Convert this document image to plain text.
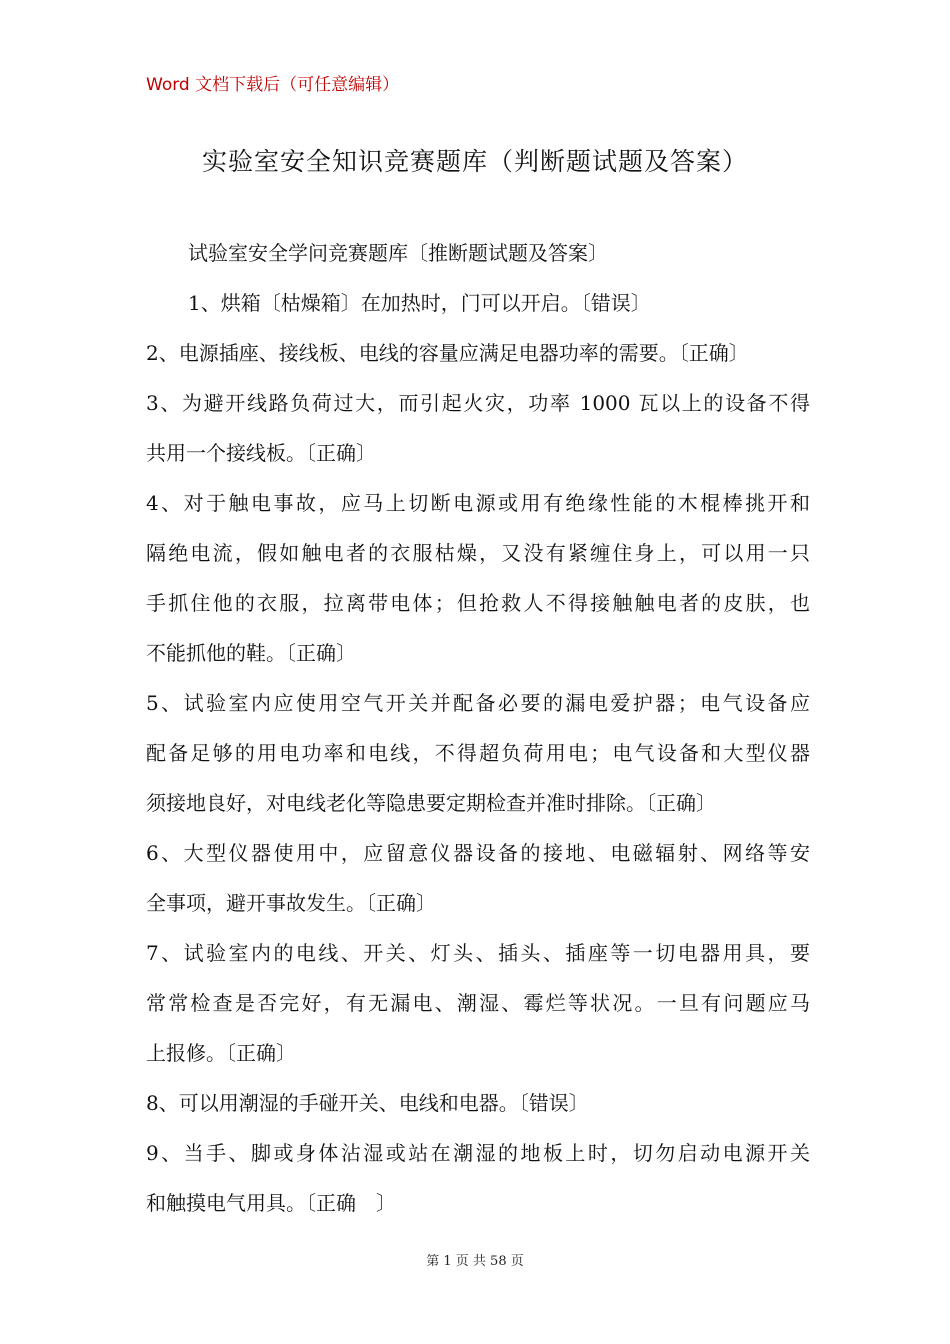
Word 文档下载后（可任意编辑）
实验室安全知识竞赛题库（判断题试题及答案）
试验室安全学问竞赛题库〔推断题试题及答案〕
1、烘箱〔枯燥箱〕在加热时，门可以开启。〔错误〕
2、电源插座、接线板、电线的容量应满足电器功率的需要。〔正确〕
3、为避开线路负荷过大，而引起火灾，功率 1000 瓦以上的设备不得
共用一个接线板。〔正确〕
4、对于触电事故，应马上切断电源或用有绝缘性能的木棍棒挑开和
隔绝电流，假如触电者的衣服枯燥，又没有紧缠住身上，可以用一只
手抓住他的衣服，拉离带电体；但抢救人不得接触触电者的皮肤，也
不能抓他的鞋。〔正确〕
5、试验室内应使用空气开关并配备必要的漏电爱护器；电气设备应
配备足够的用电功率和电线，不得超负荷用电；电气设备和大型仪器
须接地良好，对电线老化等隐患要定期检查并准时排除。〔正确〕
6、大型仪器使用中，应留意仪器设备的接地、电磁辐射、网络等安
全事项，避开事故发生。〔正确〕
7、试验室内的电线、开关、灯头、插头、插座等一切电器用具，要
常常检查是否完好，有无漏电、潮湿、霉烂等状况。一旦有问题应马
上报修。〔正确〕
8、可以用潮湿的手碰开关、电线和电器。〔错误〕
9、当手、脚或身体沾湿或站在潮湿的地板上时，切勿启动电源开关
和触摸电气用具。〔正确　〕
第 1 页 共 58 页
